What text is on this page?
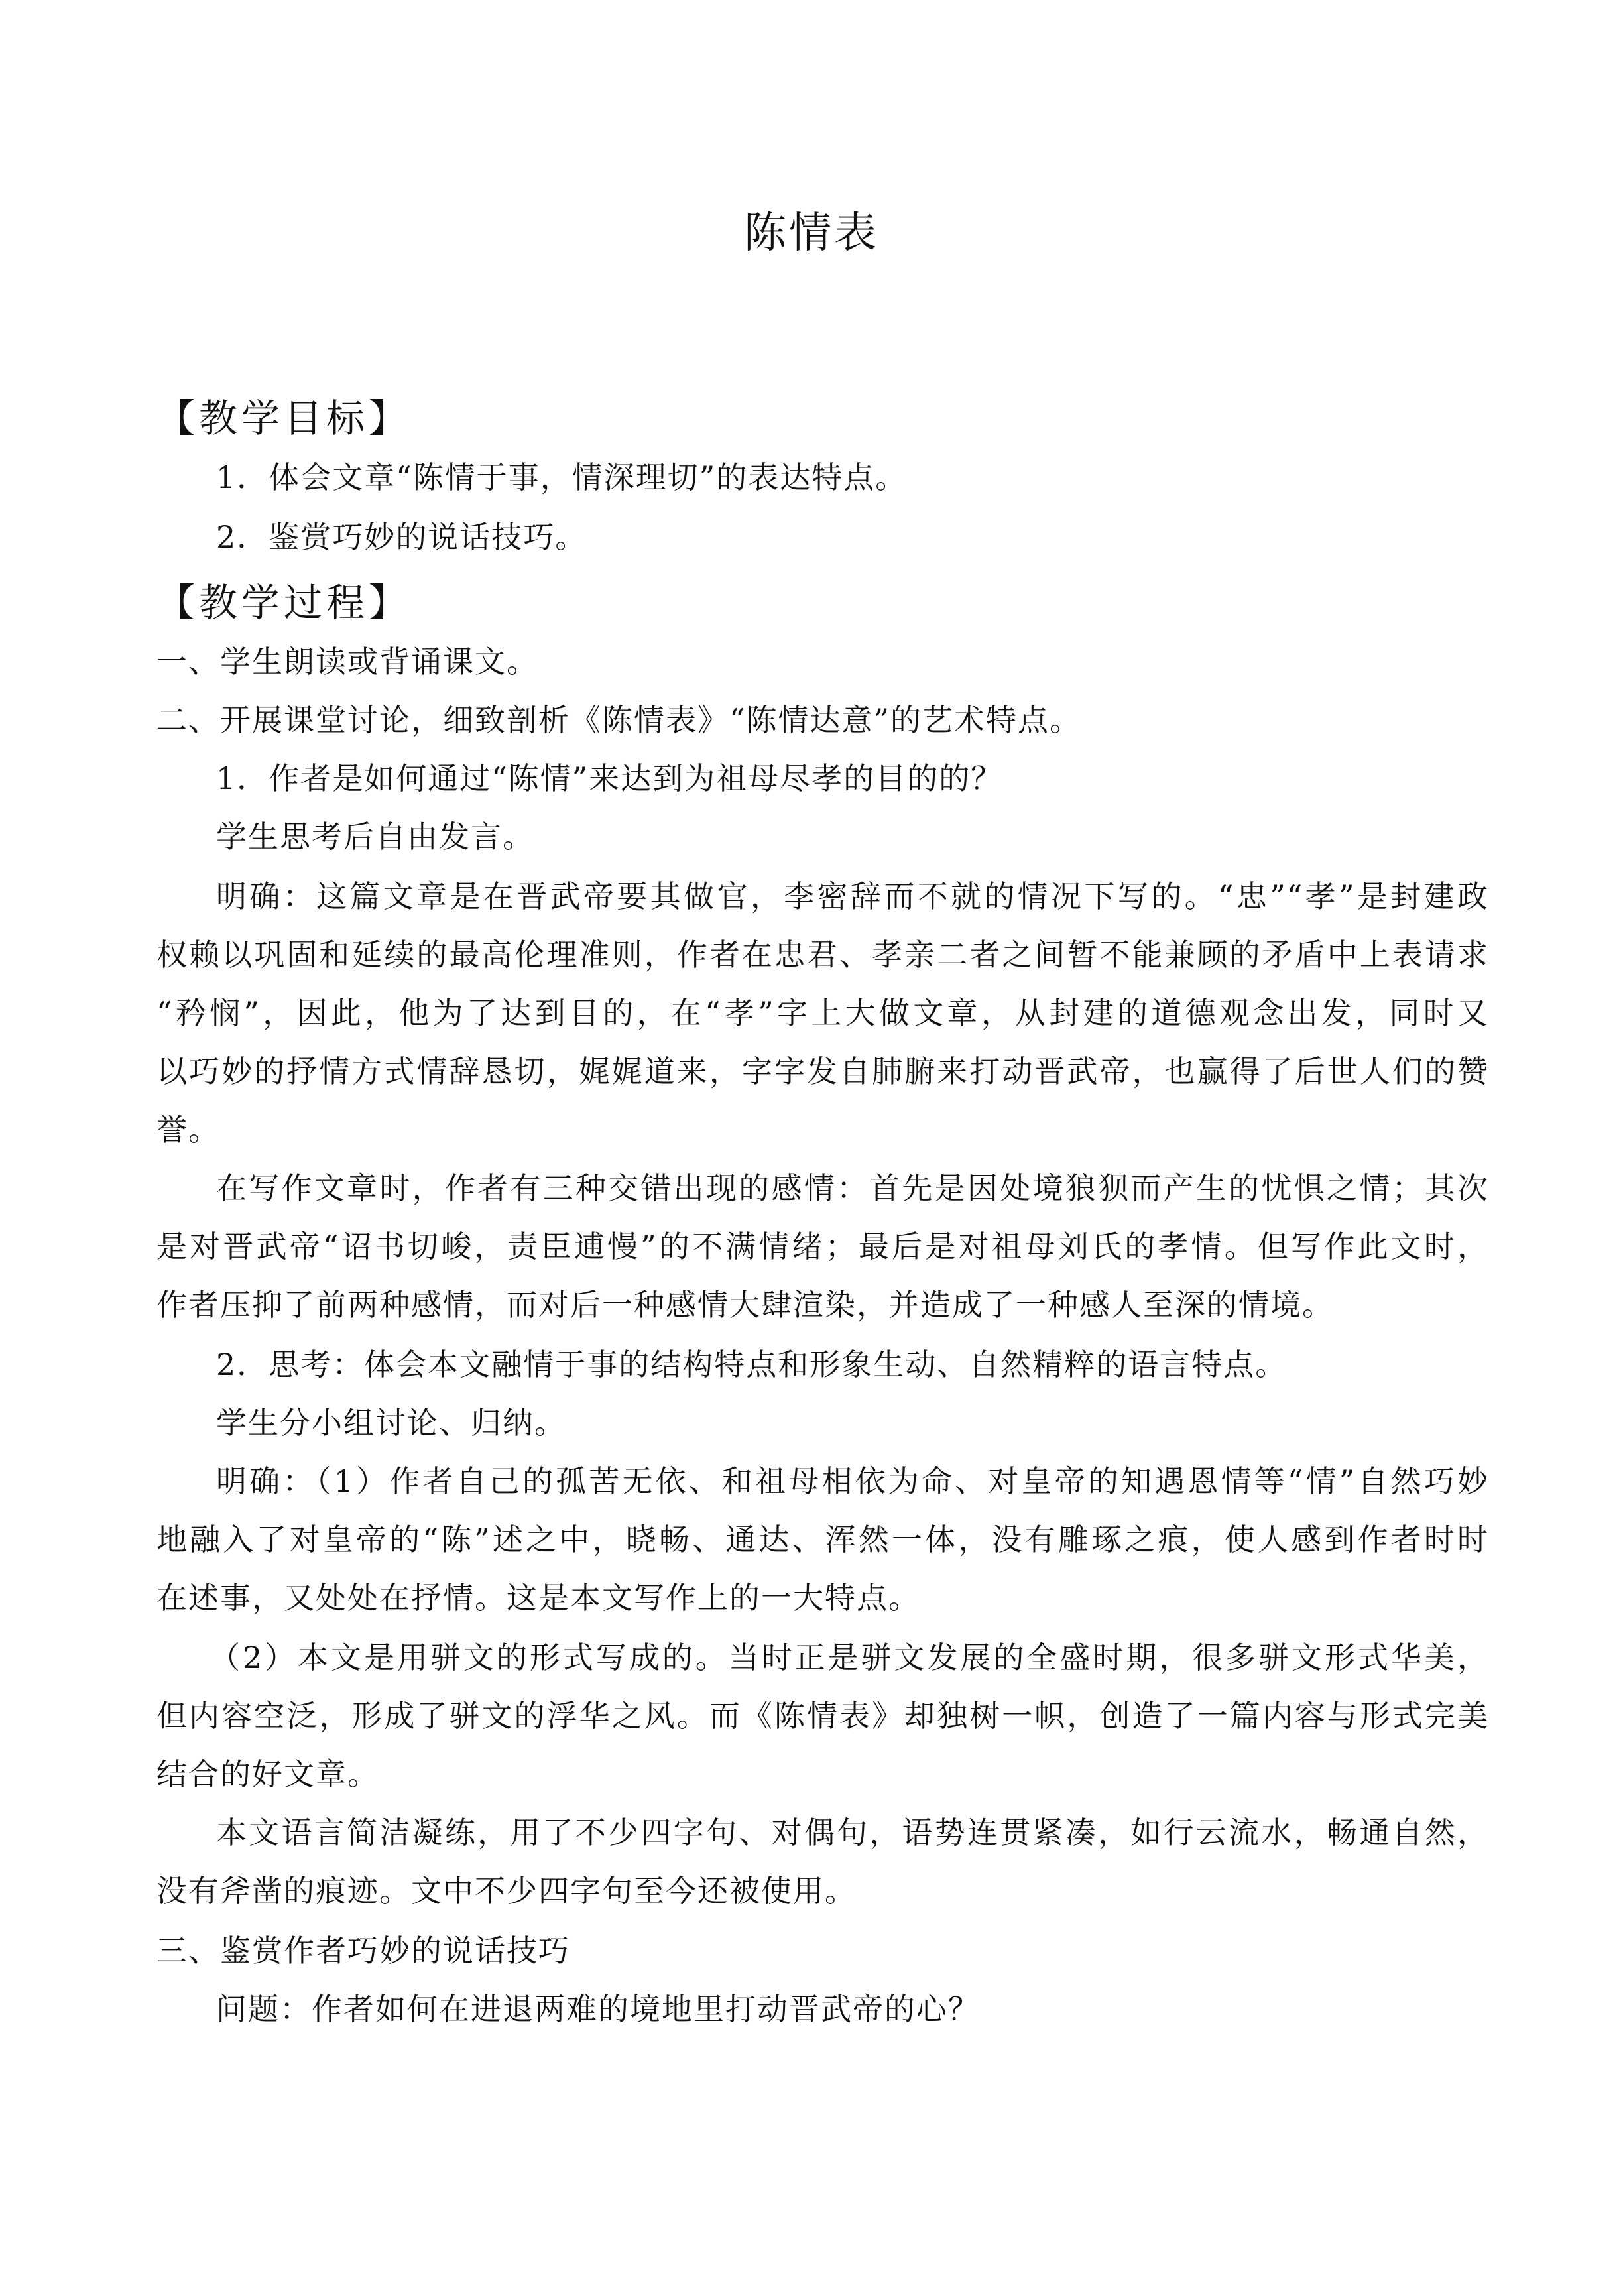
陈情表
【教学目标】
1．体会文章“陈情于事，情深理切”的表达特点。
2．鉴赏巧妙的说话技巧。
【教学过程】
一、学生朗读或背诵课文。
二、开展课堂讨论，细致剖析《陈情表》“陈情达意”的艺术特点。
1．作者是如何通过“陈情”来达到为祖母尽孝的目的的？
学生思考后自由发言。
明确：这篇文章是在晋武帝要其做官，李密辞而不就的情况下写的。“忠”“孝”是封建政
权赖以巩固和延续的最高伦理准则，作者在忠君、孝亲二者之间暂不能兼顾的矛盾中上表请求
“矜悯”，因此，他为了达到目的，在“孝”字上大做文章，从封建的道德观念出发，同时又
以巧妙的抒情方式情辞恳切，娓娓道来，字字发自肺腑来打动晋武帝，也赢得了后世人们的赞
誉。
在写作文章时，作者有三种交错出现的感情：首先是因处境狼狈而产生的忧惧之情；其次
是对晋武帝“诏书切峻，责臣逋慢”的不满情绪；最后是对祖母刘氏的孝情。但写作此文时，
作者压抑了前两种感情，而对后一种感情大肆渲染，并造成了一种感人至深的情境。
2．思考：体会本文融情于事的结构特点和形象生动、自然精粹的语言特点。
学生分小组讨论、归纳。
明确：（1）作者自己的孤苦无依、和祖母相依为命、对皇帝的知遇恩情等“情”自然巧妙
地融入了对皇帝的“陈”述之中，晓畅、通达、浑然一体，没有雕琢之痕，使人感到作者时时
在述事，又处处在抒情。这是本文写作上的一大特点。
（2）本文是用骈文的形式写成的。当时正是骈文发展的全盛时期，很多骈文形式华美，
但内容空泛，形成了骈文的浮华之风。而《陈情表》却独树一帜，创造了一篇内容与形式完美
结合的好文章。
本文语言简洁凝练，用了不少四字句、对偶句，语势连贯紧凑，如行云流水，畅通自然，
没有斧凿的痕迹。文中不少四字句至今还被使用。
三、鉴赏作者巧妙的说话技巧
问题：作者如何在进退两难的境地里打动晋武帝的心？
